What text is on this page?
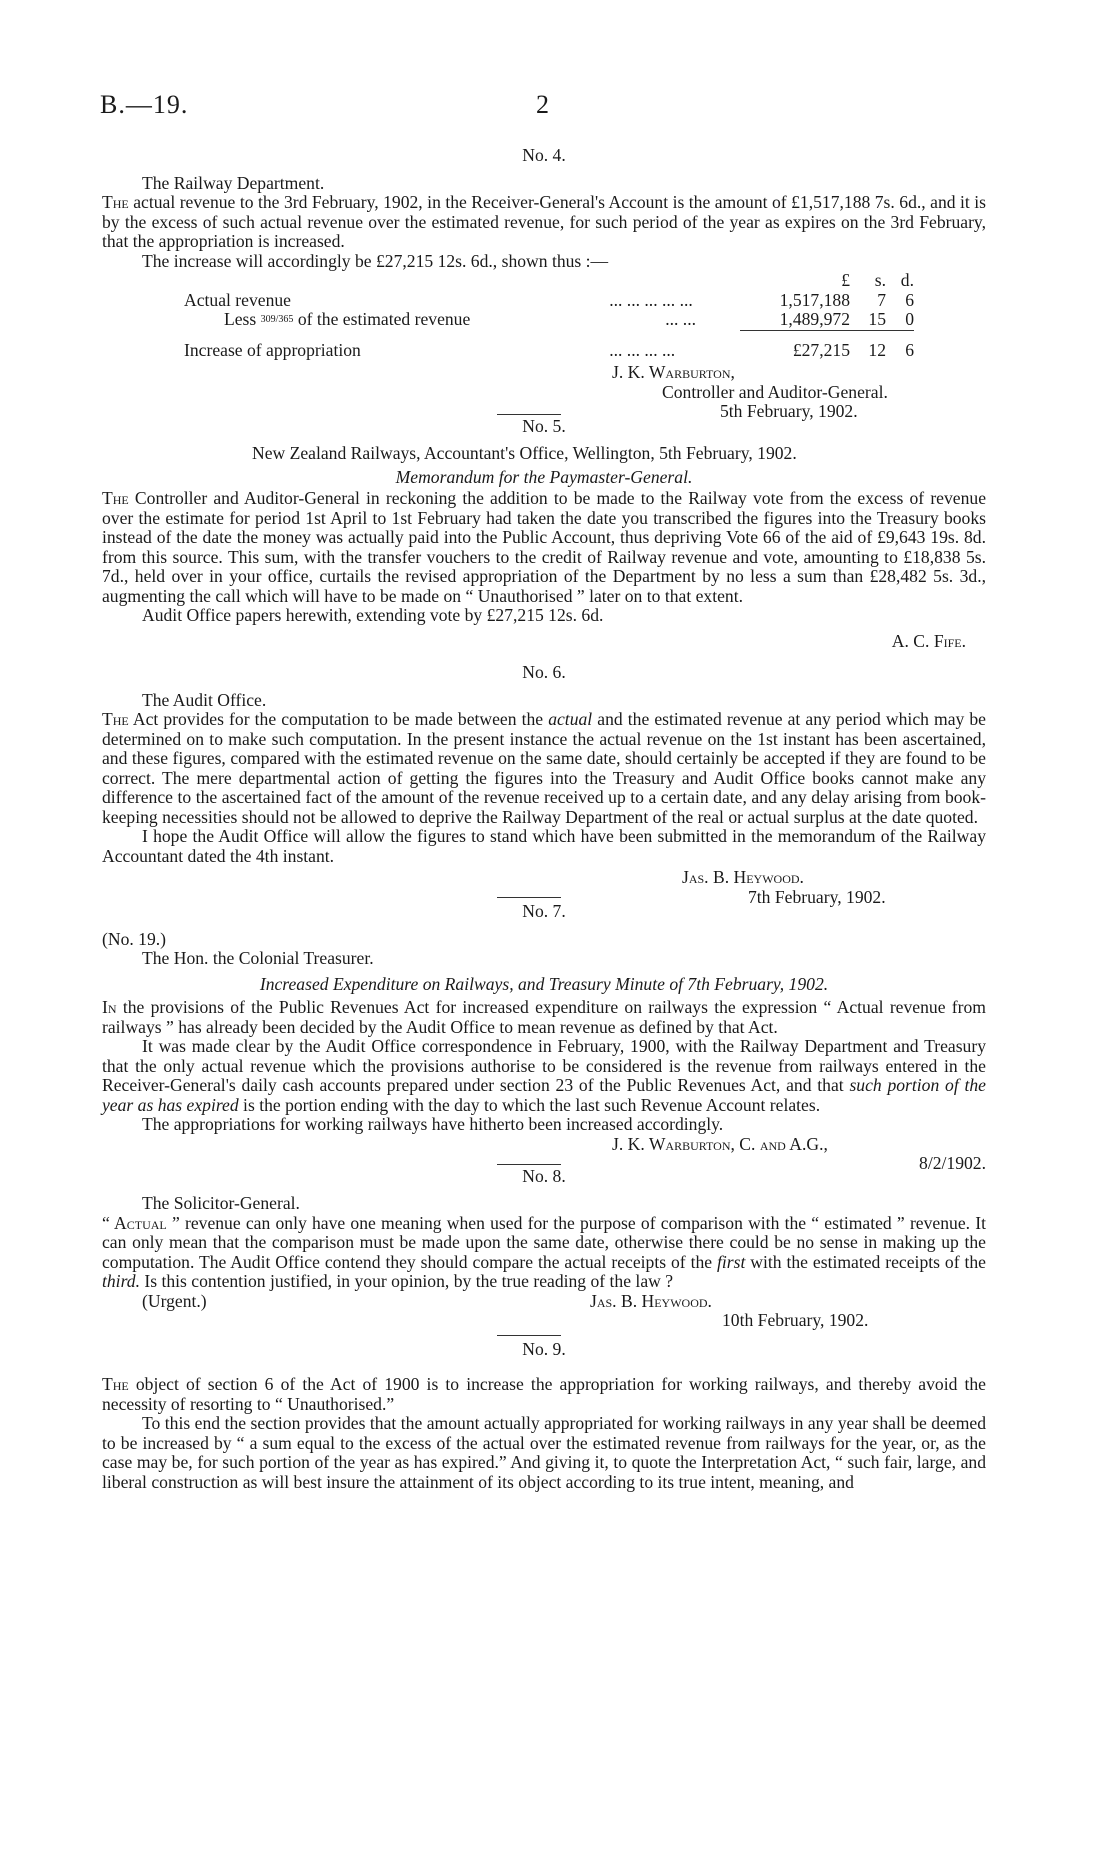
B.—19.	2
No. 4.

The Railway Department.

The actual revenue to the 3rd February, 1902, in the Receiver-General's Account is the amount of £1,517,188 7s. 6d., and it is by the excess of such actual revenue over the estimated revenue, for such period of the year as expires on the 3rd February, that the appropriation is increased.

The increase will accordingly be £27,215 12s. 6d., shown thus :—

		£	s.	d.
Actual revenue	... ... ... ... ...	1,517,188	7	6
Less 309/365 of the estimated revenue	... ...	1,489,972	15	0

Increase of appropriation	... ... ... ...	£27,215	12	6

J. K. Warburton,

Controller and Auditor-General.

5th February, 1902.

No. 5.

New Zealand Railways, Accountant's Office, Wellington, 5th February, 1902.

Memorandum for the Paymaster-General.

The Controller and Auditor-General in reckoning the addition to be made to the Railway vote from the excess of revenue over the estimate for period 1st April to 1st February had taken the date you transcribed the figures into the Treasury books instead of the date the money was actually paid into the Public Account, thus depriving Vote 66 of the aid of £9,643 19s. 8d. from this source. This sum, with the transfer vouchers to the credit of Railway revenue and vote, amounting to £18,838 5s. 7d., held over in your office, curtails the revised appropriation of the Department by no less a sum than £28,482 5s. 3d., augmenting the call which will have to be made on “ Unauthorised ” later on to that extent.

Audit Office papers herewith, extending vote by £27,215 12s. 6d.

A. C. Fife.

No. 6.

The Audit Office.

The Act provides for the computation to be made between the actual and the estimated revenue at any period which may be determined on to make such computation. In the present instance the actual revenue on the 1st instant has been ascertained, and these figures, compared with the estimated revenue on the same date, should certainly be accepted if they are found to be correct. The mere departmental action of getting the figures into the Treasury and Audit Office books cannot make any difference to the ascertained fact of the amount of the revenue received up to a certain date, and any delay arising from book-keeping necessities should not be allowed to deprive the Railway Department of the real or actual surplus at the date quoted.

I hope the Audit Office will allow the figures to stand which have been submitted in the memorandum of the Railway Accountant dated the 4th instant.

Jas. B. Heywood.

7th February, 1902.

No. 7.

(No. 19.)

The Hon. the Colonial Treasurer.

Increased Expenditure on Railways, and Treasury Minute of 7th February, 1902.

In the provisions of the Public Revenues Act for increased expenditure on railways the expression “ Actual revenue from railways ” has already been decided by the Audit Office to mean revenue as defined by that Act.

It was made clear by the Audit Office correspondence in February, 1900, with the Railway Department and Treasury that the only actual revenue which the provisions authorise to be considered is the revenue from railways entered in the Receiver-General's daily cash accounts prepared under section 23 of the Public Revenues Act, and that such portion of the year as has expired is the portion ending with the day to which the last such Revenue Account relates.

The appropriations for working railways have hitherto been increased accordingly.

J. K. Warburton, C. and A.G.,

8/2/1902.

No. 8.

The Solicitor-General.

“ Actual ” revenue can only have one meaning when used for the purpose of comparison with the “ estimated ” revenue. It can only mean that the comparison must be made upon the same date, otherwise there could be no sense in making up the computation. The Audit Office contend they should compare the actual receipts of the first with the estimated receipts of the third. Is this contention justified, in your opinion, by the true reading of the law ?

(Urgent.)	Jas. B. Heywood.

10th February, 1902.

No. 9.

The object of section 6 of the Act of 1900 is to increase the appropriation for working railways, and thereby avoid the necessity of resorting to “ Unauthorised.”

To this end the section provides that the amount actually appropriated for working railways in any year shall be deemed to be increased by “ a sum equal to the excess of the actual over the estimated revenue from railways for the year, or, as the case may be, for such portion of the year as has expired.” And giving it, to quote the Interpretation Act, “ such fair, large, and liberal construction as will best insure the attainment of its object according to its true intent, meaning, and
